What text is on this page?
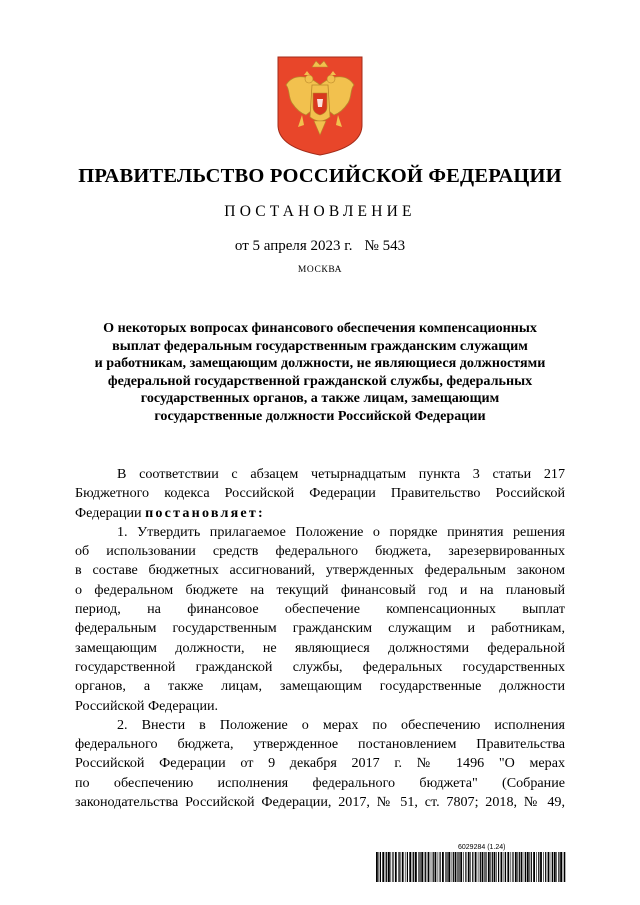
ПРАВИТЕЛЬСТВО РОССИЙСКОЙ ФЕДЕРАЦИИ
ПОСТАНОВЛЕНИЕ
от 5 апреля 2023 г. № 543
МОСКВА
О некоторых вопросах финансового обеспечения компенсационных
выплат федеральным государственным гражданским служащим
и работникам, замещающим должности, не являющиеся должностями
федеральной государственной гражданской службы, федеральных
государственных органов, а также лицам, замещающим
государственные должности Российской Федерации
В соответствии с абзацем четырнадцатым пункта 3 статьи 217
Бюджетного кодекса Российской Федерации Правительство Российской
Федерации постановляет:
1. Утвердить прилагаемое Положение о порядке принятия решения
об использовании средств федерального бюджета, зарезервированных
в составе бюджетных ассигнований, утвержденных федеральным законом
о федеральном бюджете на текущий финансовый год и на плановый
период, на финансовое обеспечение компенсационных выплат
федеральным государственным гражданским служащим и работникам,
замещающим должности, не являющиеся должностями федеральной
государственной гражданской службы, федеральных государственных
органов, а также лицам, замещающим государственные должности
Российской Федерации.
2. Внести в Положение о мерах по обеспечению исполнения
федерального бюджета, утвержденное постановлением Правительства
Российской Федерации от 9 декабря 2017 г. № 1496 "О мерах
по обеспечению исполнения федерального бюджета" (Собрание
законодательства Российской Федерации, 2017, № 51, ст. 7807; 2018, № 49,
6029284 (1.24)
